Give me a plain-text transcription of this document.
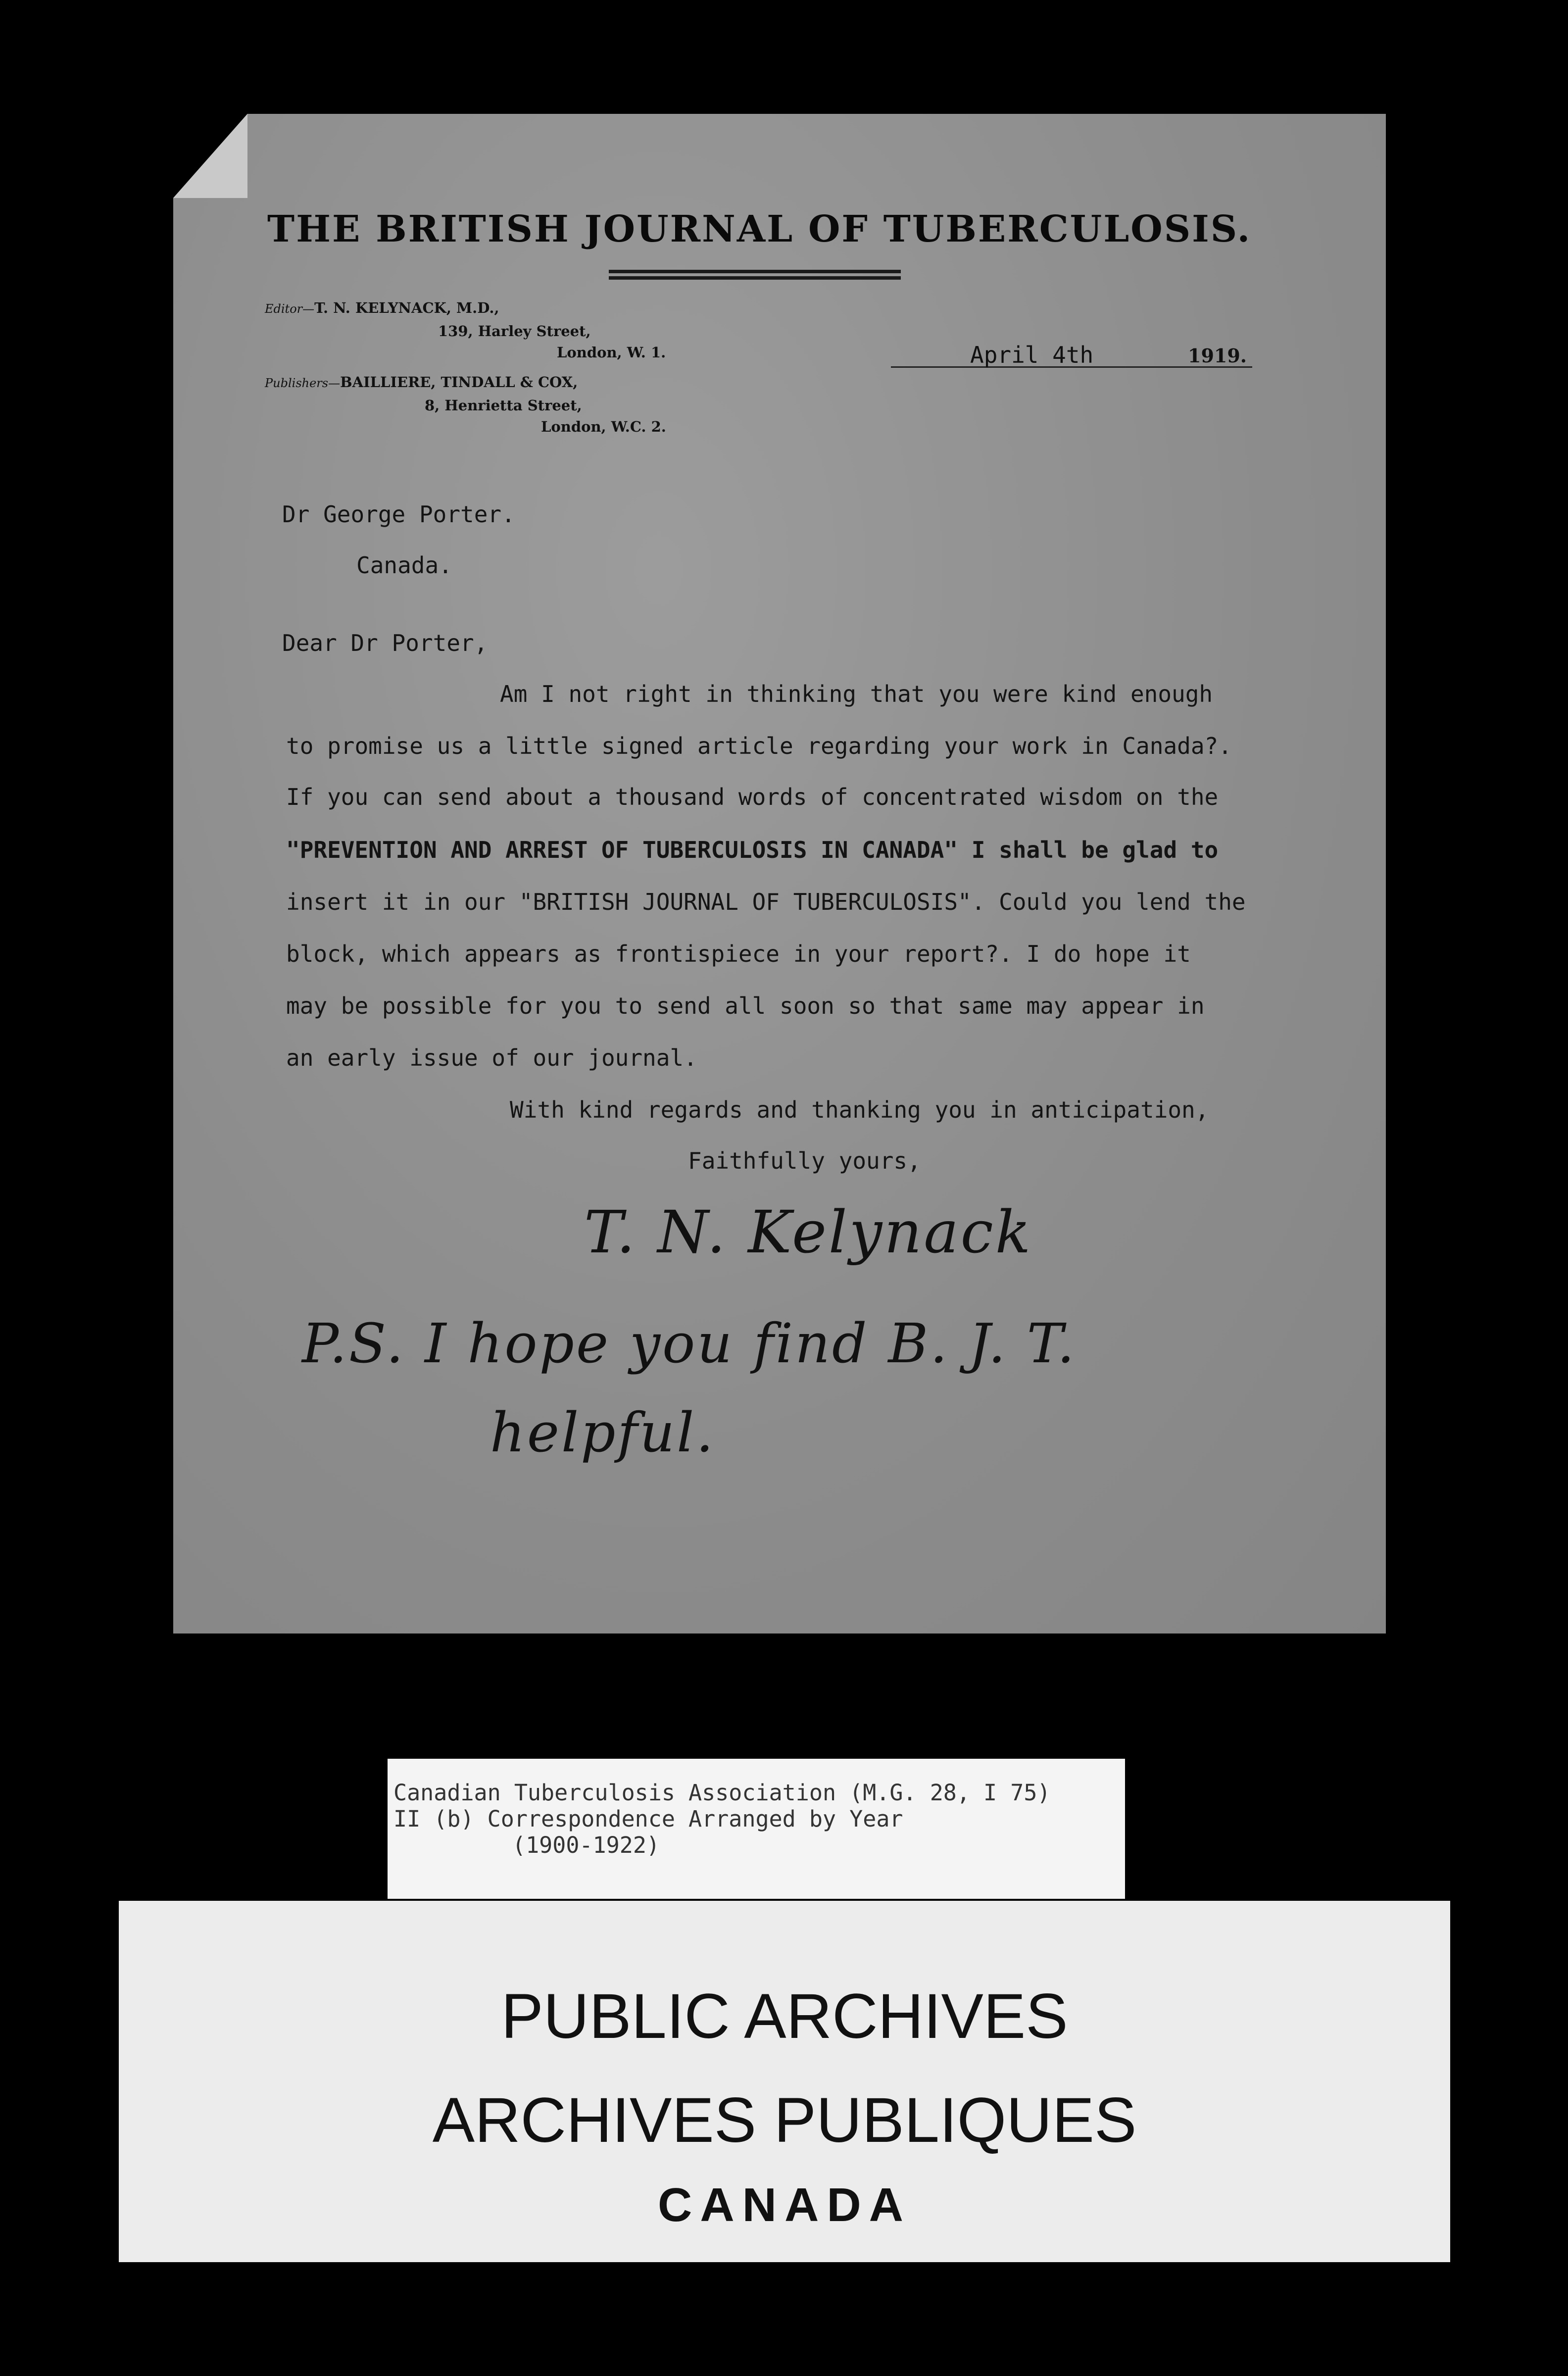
THE BRITISH JOURNAL OF TUBERCULOSIS.
Editor—T. N. KELYNACK, M.D.,
139, Harley Street,
London, W. 1.
Publishers—BAILLIERE, TINDALL & COX,
8, Henrietta Street,
London, W.C. 2.
April 4th	1919.
Dr George Porter.
Canada.
Dear Dr Porter,
Am I not right in thinking that you were kind enough
to promise us a little signed article regarding your work in Canada?.
If you can send about a thousand words of concentrated wisdom on the
"PREVENTION AND ARREST OF TUBERCULOSIS IN CANADA" I shall be glad to
insert it in our "BRITISH JOURNAL OF TUBERCULOSIS". Could you lend the
block, which appears as frontispiece in your report?. I do hope it
may be possible for you to send all soon so that same may appear in
an early issue of our journal.
With kind regards and thanking you in anticipation,
Faithfully yours,
T. N. Kelynack
P.S. I hope you find B. J. T.
helpful.
Canadian Tuberculosis Association (M.G. 28, I 75)
II (b) Correspondence Arranged by Year
(1900-1922)
PUBLIC ARCHIVES
ARCHIVES PUBLIQUES
CANADA
